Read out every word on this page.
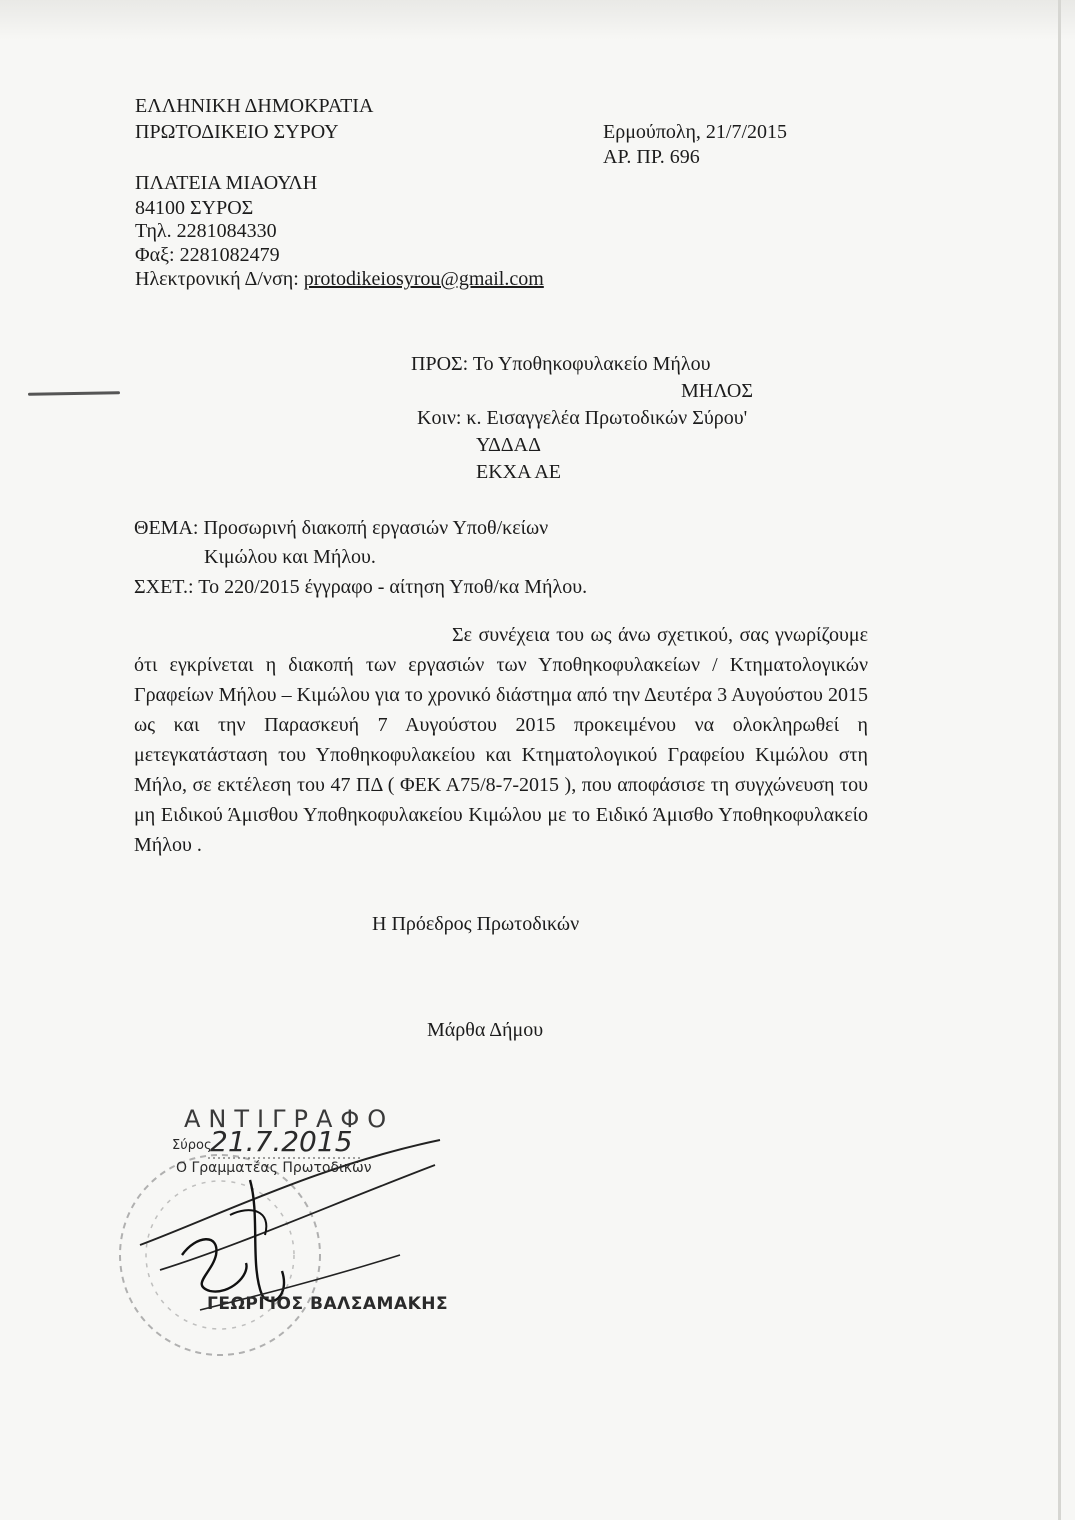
ΕΛΛΗΝΙΚΗ ΔΗΜΟΚΡΑΤΙΑ
ΠΡΩΤΟΔΙΚΕΙΟ ΣΥΡΟΥ
ΠΛΑΤΕΙΑ ΜΙΑΟΥΛΗ
84100 ΣΥΡΟΣ
Τηλ. 2281084330
Φαξ: 2281082479
Ηλεκτρονική Δ/νση: protodikeiosyrou@gmail.com
Ερμούπολη, 21/7/2015
ΑΡ. ΠΡ. 696
ΠΡΟΣ: Το Υποθηκοφυλακείο Μήλου
ΜΗΛΟΣ
Κοιν: κ. Εισαγγελέα Πρωτοδικών Σύρου'
ΥΔΔΑΔ
ΕΚΧΑ ΑΕ
ΘΕΜΑ: Προσωρινή διακοπή εργασιών Υποθ/κείων
Κιμώλου και Μήλου.
ΣΧΕΤ.: Το 220/2015 έγγραφο - αίτηση Υποθ/κα Μήλου.

Σε συνέχεια του ως άνω σχετικού, σας γνωρίζουμε ότι εγκρίνεται η διακοπή των εργασιών των Υποθηκοφυλακείων / Κτηματολογικών Γραφείων Μήλου – Κιμώλου για το χρονικό διάστημα από την Δευτέρα 3 Αυγούστου 2015 ως και την Παρασκευή 7 Αυγούστου 2015 προκειμένου να ολοκληρωθεί η μετεγκατάσταση του Υποθηκοφυλακείου και Κτηματολογικού Γραφείου Κιμώλου στη Μήλο, σε εκτέλεση του 47 ΠΔ ( ΦΕΚ Α75/8-7-2015 ), που αποφάσισε τη συγχώνευση του μη Ειδικού Άμισθου Υποθηκοφυλακείου Κιμώλου με το Ειδικό Άμισθο Υποθηκοφυλακείο Μήλου .

Η Πρόεδρος Πρωτοδικών
Μάρθα Δήμου
ΑΝΤΙΓΡΑΦΟ
Σύρος
21.7.2015
Ο Γραμματέας Πρωτοδικών
ΓΕΩΡΓΙΟΣ ΒΑΛΣΑΜΑΚΗΣ
